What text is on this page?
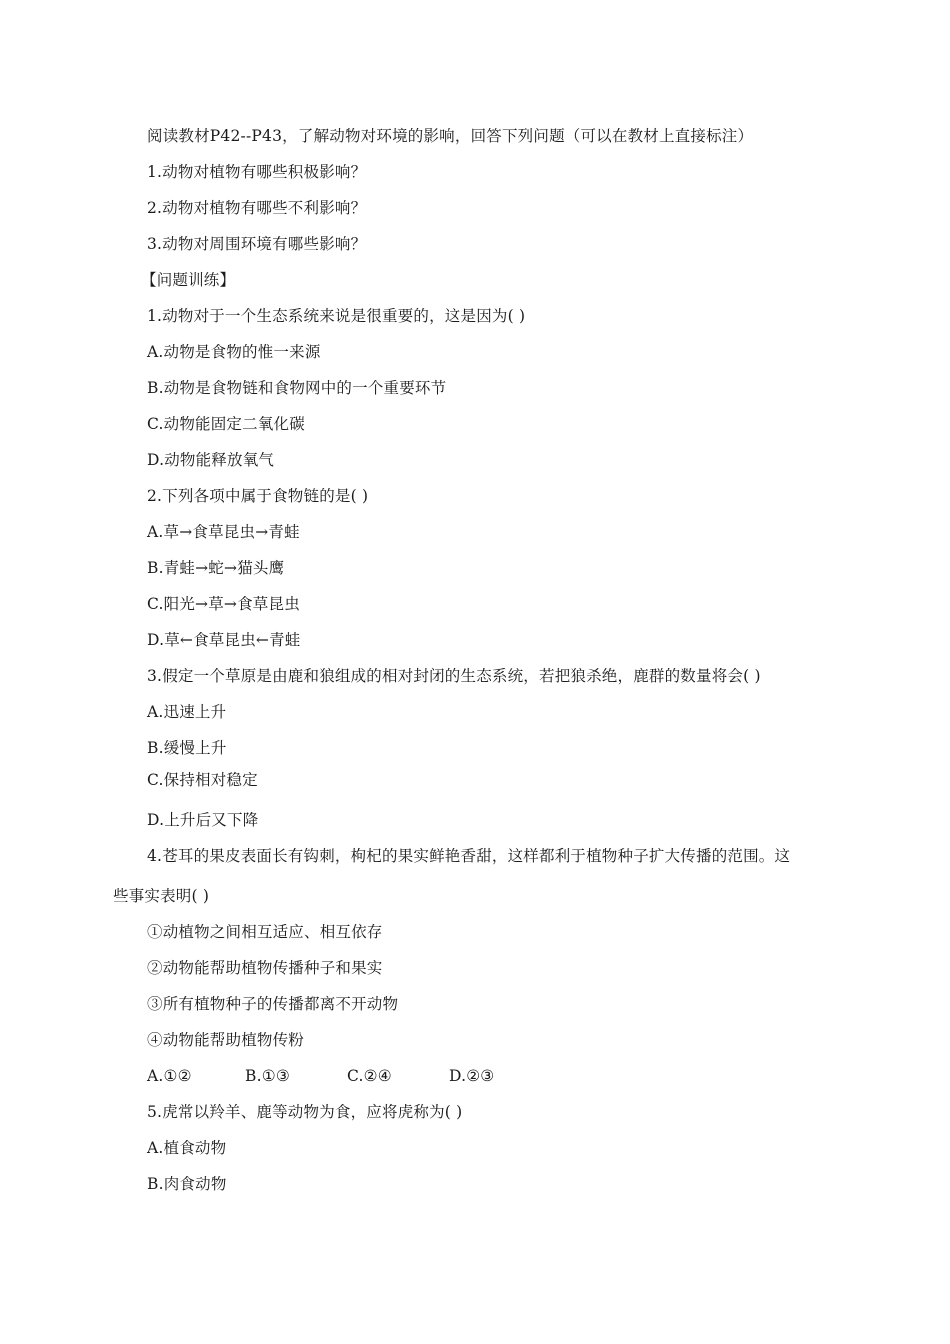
阅读教材P42--P43，了解动物对环境的影响，回答下列问题（可以在教材上直接标注）
1.动物对植物有哪些积极影响？
2.动物对植物有哪些不利影响？
3.动物对周围环境有哪些影响？
【问题训练】
1.动物对于一个生态系统来说是很重要的，这是因为( )
A.动物是食物的惟一来源
B.动物是食物链和食物网中的一个重要环节
C.动物能固定二氧化碳
D.动物能释放氧气
2.下列各项中属于食物链的是( )
A.草→食草昆虫→青蛙
B.青蛙→蛇→猫头鹰
C.阳光→草→食草昆虫
D.草←食草昆虫←青蛙
3.假定一个草原是由鹿和狼组成的相对封闭的生态系统，若把狼杀绝，鹿群的数量将会( )
A.迅速上升
B.缓慢上升
C.保持相对稳定
D.上升后又下降
4.苍耳的果皮表面长有钩刺，枸杞的果实鲜艳香甜，这样都利于植物种子扩大传播的范围。这
些事实表明( )
①动植物之间相互适应、相互依存
②动物能帮助植物传播种子和果实
③所有植物种子的传播都离不开动物
④动物能帮助植物传粉
A.①②	B.①③	C.②④	D.②③
5.虎常以羚羊、鹿等动物为食，应将虎称为( )
A.植食动物
B.肉食动物
